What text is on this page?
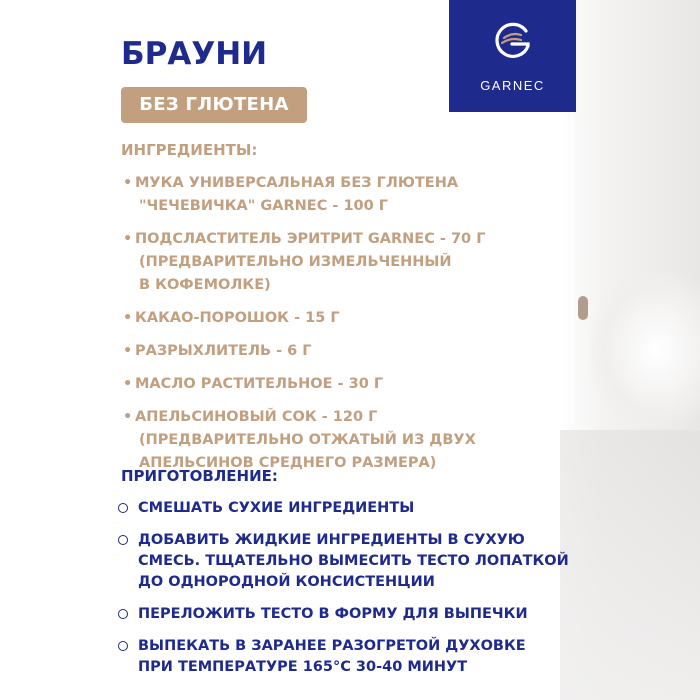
GARNEC
БРАУНИ
БЕЗ ГЛЮТЕНА
ИНГРЕДИЕНТЫ:
• МУКА УНИВЕРСАЛЬНАЯ БЕЗ ГЛЮТЕНА
"ЧЕЧЕВИЧКА" GARNEC - 100 Г
• ПОДСЛАСТИТЕЛЬ ЭРИТРИТ GARNEC - 70 Г
(ПРЕДВАРИТЕЛЬНО ИЗМЕЛЬЧЕННЫЙ
В КОФЕМОЛКЕ)
• КАКАО-ПОРОШОК - 15 Г
• РАЗРЫХЛИТЕЛЬ - 6 Г
• МАСЛО РАСТИТЕЛЬНОЕ - 30 Г
• АПЕЛЬСИНОВЫЙ СОК - 120 Г
(ПРЕДВАРИТЕЛЬНО ОТЖАТЫЙ ИЗ ДВУХ
АПЕЛЬСИНОВ СРЕДНЕГО РАЗМЕРА)
ПРИГОТОВЛЕНИЕ:
СМЕШАТЬ СУХИЕ ИНГРЕДИЕНТЫ
ДОБАВИТЬ ЖИДКИЕ ИНГРЕДИЕНТЫ В СУХУЮ
СМЕСЬ. ТЩАТЕЛЬНО ВЫМЕСИТЬ ТЕСТО ЛОПАТКОЙ
ДО ОДНОРОДНОЙ КОНСИСТЕНЦИИ
ПЕРЕЛОЖИТЬ ТЕСТО В ФОРМУ ДЛЯ ВЫПЕЧКИ
ВЫПЕКАТЬ В ЗАРАНЕЕ РАЗОГРЕТОЙ ДУХОВКЕ
ПРИ ТЕМПЕРАТУРЕ 165°С 30-40 МИНУТ
